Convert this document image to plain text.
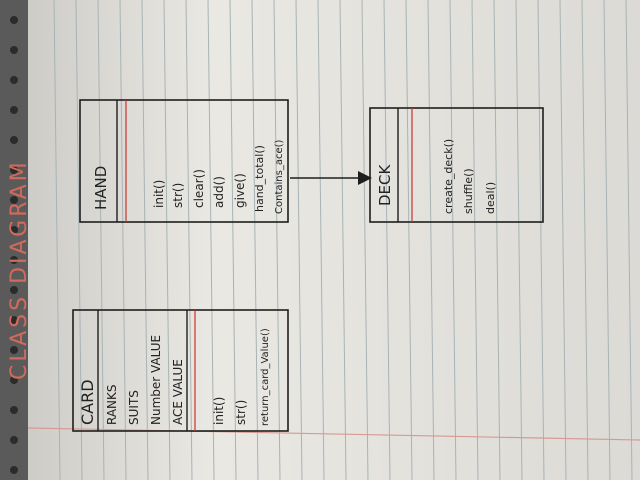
CLASS DIAGRAM
CARD RANKS SUITS Number VALUE ACE VALUE init() str() return_card_Value()
HAND	init() str() clear() add() give() hand_total() Contains_ace()	DECK	create_deck() shuffle() deal()
